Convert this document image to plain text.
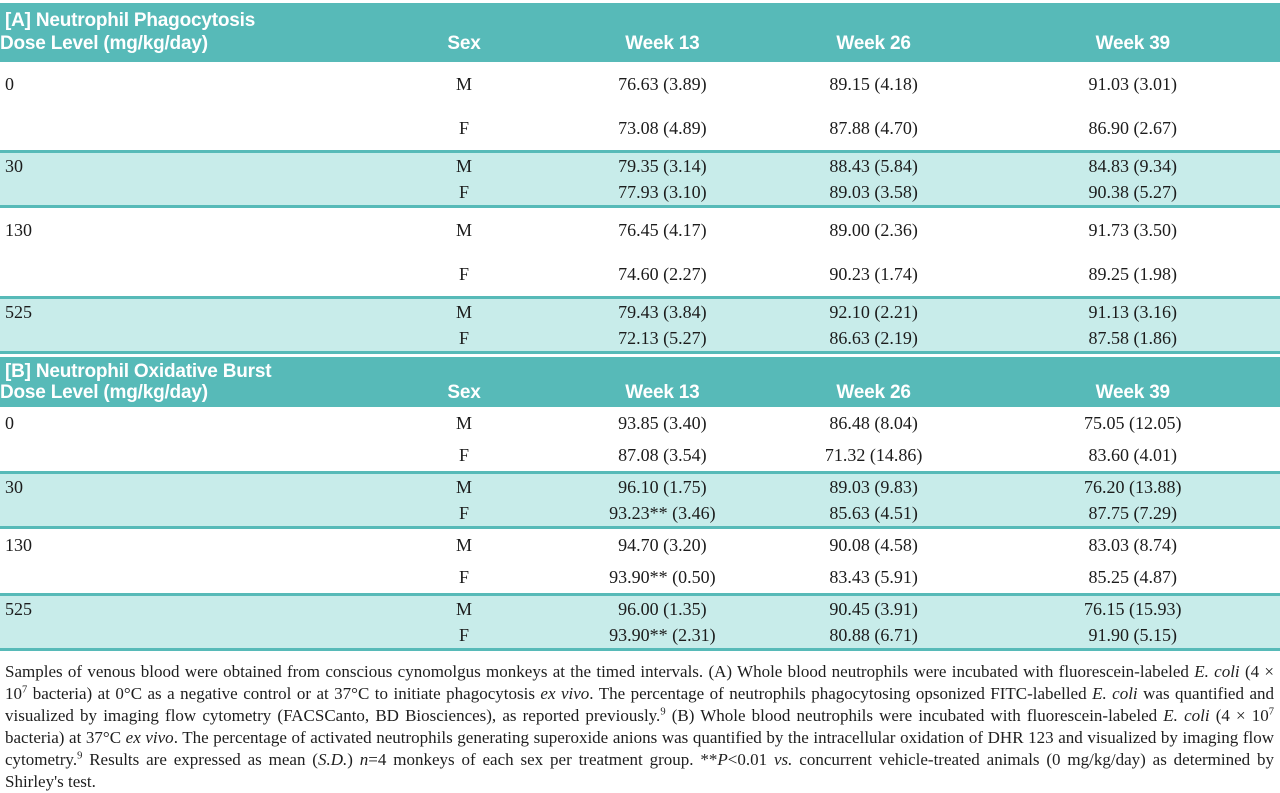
[A] Neutrophil Phagocytosis				
Dose Level (mg/kg/day)	Sex	Week 13	Week 26	Week 39
0	M	76.63 (3.89)	89.15 (4.18)	91.03 (3.01)
	F	73.08 (4.89)	87.88 (4.70)	86.90 (2.67)
30	M	79.35 (3.14)	88.43 (5.84)	84.83 (9.34)
	F	77.93 (3.10)	89.03 (3.58)	90.38 (5.27)
130	M	76.45 (4.17)	89.00 (2.36)	91.73 (3.50)
	F	74.60 (2.27)	90.23 (1.74)	89.25 (1.98)
525	M	79.43 (3.84)	92.10 (2.21)	91.13 (3.16)
	F	72.13 (5.27)	86.63 (2.19)	87.58 (1.86)
[B] Neutrophil Oxidative Burst				
Dose Level (mg/kg/day)	Sex	Week 13	Week 26	Week 39
0	M	93.85 (3.40)	86.48 (8.04)	75.05 (12.05)
	F	87.08 (3.54)	71.32 (14.86)	83.60 (4.01)
30	M	96.10 (1.75)	89.03 (9.83)	76.20 (13.88)
	F	93.23** (3.46)	85.63 (4.51)	87.75 (7.29)
130	M	94.70 (3.20)	90.08 (4.58)	83.03 (8.74)
	F	93.90** (0.50)	83.43 (5.91)	85.25 (4.87)
525	M	96.00 (1.35)	90.45 (3.91)	76.15 (15.93)
	F	93.90** (2.31)	80.88 (6.71)	91.90 (5.15)
Samples of venous blood were obtained from conscious cynomolgus monkeys at the timed intervals. (A) Whole blood neutrophils were incubated with fluorescein-labeled E. coli ($4 \times 10^7$ bacteria) at 0°C as a negative control or at 37°C to initiate phagocytosis ex vivo. The percentage of neutrophils phagocytosing opsonized FITC-labelled E. coli was quantified and visualized by imaging flow cytometry (FACSCanto, BD Biosciences), as reported previously.$^9$ (B) Whole blood neutrophils were incubated with fluorescein-labeled E. coli ($4 \times 10^7$ bacteria) at 37°C ex vivo. The percentage of activated neutrophils generating superoxide anions was quantified by the intracellular oxidation of DHR 123 and visualized by imaging flow cytometry.$^9$ Results are expressed as mean (S.D.) n=4 monkeys of each sex per treatment group. **P<0.01 vs. concurrent vehicle-treated animals (0 mg/kg/day) as determined by Shirley's test.
